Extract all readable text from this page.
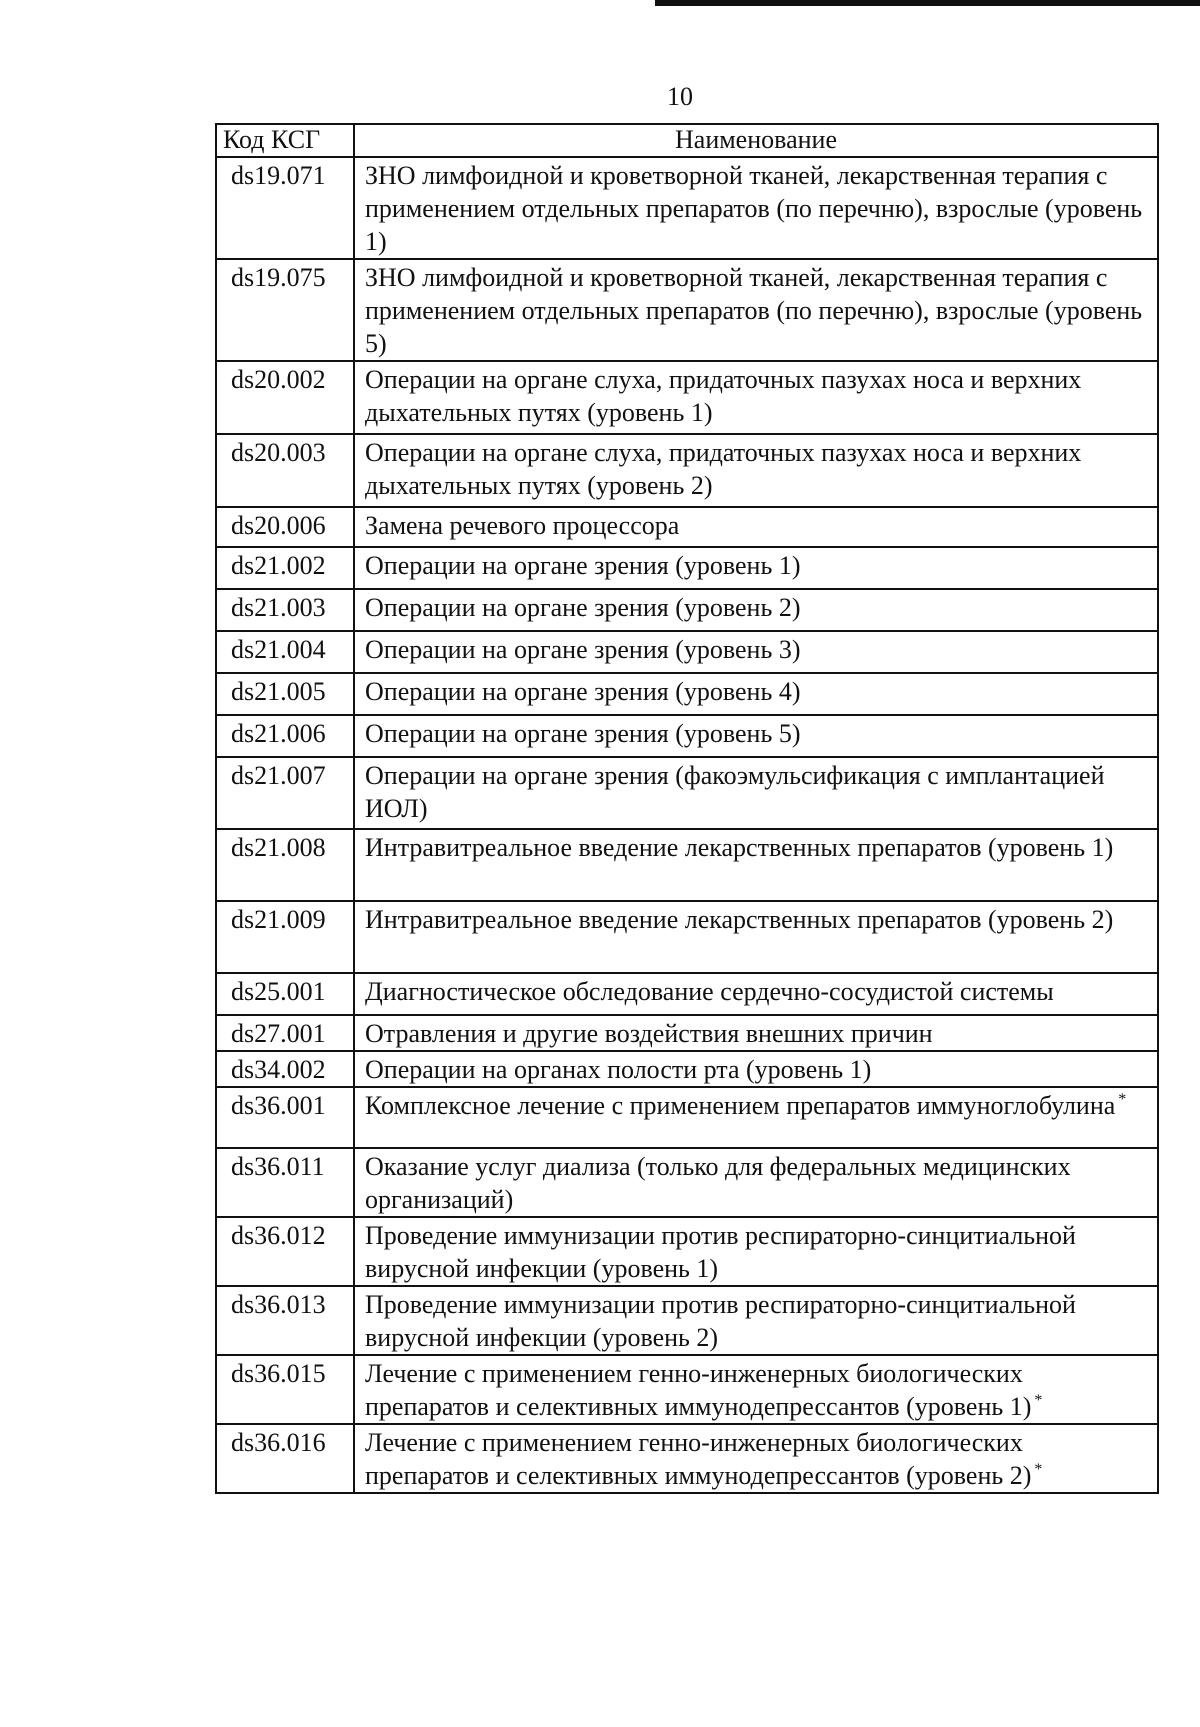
10
Код КСГ	Наименование
ds19.071	ЗНО лимфоидной и кроветворной тканей, лекарственная терапия с применением отдельных препаратов (по перечню), взрослые (уровень 1)
ds19.075	ЗНО лимфоидной и кроветворной тканей, лекарственная терапия с применением отдельных препаратов (по перечню), взрослые (уровень 5)
ds20.002	Операции на органе слуха, придаточных пазухах носа и верхних дыхательных путях (уровень 1)
ds20.003	Операции на органе слуха, придаточных пазухах носа и верхних дыхательных путях (уровень 2)
ds20.006	Замена речевого процессора
ds21.002	Операции на органе зрения (уровень 1)
ds21.003	Операции на органе зрения (уровень 2)
ds21.004	Операции на органе зрения (уровень 3)
ds21.005	Операции на органе зрения (уровень 4)
ds21.006	Операции на органе зрения (уровень 5)
ds21.007	Операции на органе зрения (факоэмульсификация с имплантацией ИОЛ)
ds21.008	Интравитреальное введение лекарственных препаратов (уровень 1)
ds21.009	Интравитреальное введение лекарственных препаратов (уровень 2)
ds25.001	Диагностическое обследование сердечно-сосудистой системы
ds27.001	Отравления и другие воздействия внешних причин
ds34.002	Операции на органах полости рта (уровень 1)
ds36.001	Комплексное лечение с применением препаратов иммуноглобулина *
ds36.011	Оказание услуг диализа (только для федеральных медицинских организаций)
ds36.012	Проведение иммунизации против респираторно-синцитиальной вирусной инфекции (уровень 1)
ds36.013	Проведение иммунизации против респираторно-синцитиальной вирусной инфекции (уровень 2)
ds36.015	Лечение с применением генно-инженерных биологических препаратов и селективных иммунодепрессантов (уровень 1) *
ds36.016	Лечение с применением генно-инженерных биологических препаратов и селективных иммунодепрессантов (уровень 2) *
